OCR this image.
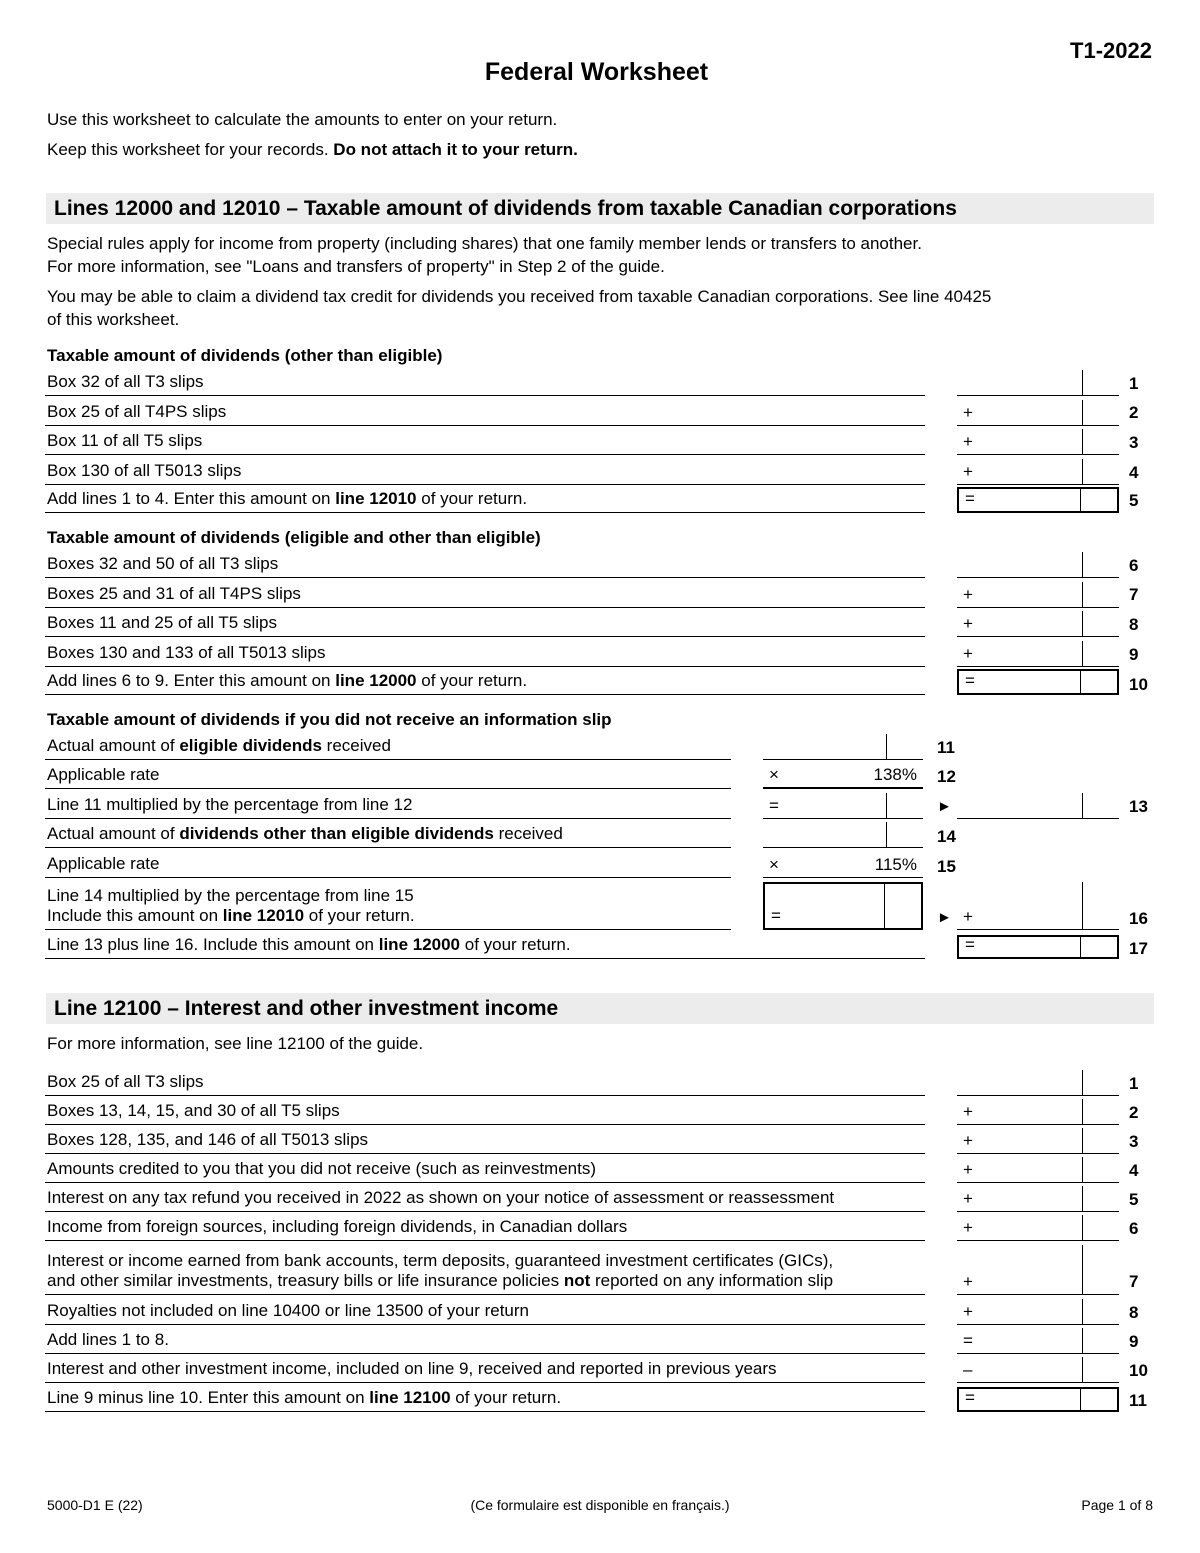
T1-2022
Federal Worksheet
Use this worksheet to calculate the amounts to enter on your return.
Keep this worksheet for your records. Do not attach it to your return.
Lines 12000 and 12010 – Taxable amount of dividends from taxable Canadian corporations
Special rules apply for income from property (including shares) that one family member lends or transfers to another.
For more information, see "Loans and transfers of property" in Step 2 of the guide.
You may be able to claim a dividend tax credit for dividends you received from taxable Canadian corporations. See line 40425
of this worksheet.
Taxable amount of dividends (other than eligible)
Box 32 of all T3 slips	1
Box 25 of all T4PS slips	+	2
Box 11 of all T5 slips	+	3
Box 130 of all T5013 slips	+	4
Add lines 1 to 4. Enter this amount on line 12010 of your return.	=	5
Taxable amount of dividends (eligible and other than eligible)
Boxes 32 and 50 of all T3 slips	6
Boxes 25 and 31 of all T4PS slips	+	7
Boxes 11 and 25 of all T5 slips	+	8
Boxes 130 and 133 of all T5013 slips	+	9
Add lines 6 to 9. Enter this amount on line 12000 of your return.	=	10
Taxable amount of dividends if you did not receive an information slip
Actual amount of eligible dividends received	11
Applicable rate	×	138% 12
Line 11 multiplied by the percentage from line 12	=	►	13
Actual amount of dividends other than eligible dividends received	14
Applicable rate	×	115% 15
Line 14 multiplied by the percentage from line 15
Include this amount on line 12010 of your return.	=	► +	16
Line 13 plus line 16. Include this amount on line 12000 of your return.	=	17
Line 12100 – Interest and other investment income
For more information, see line 12100 of the guide.
Box 25 of all T3 slips	1
Boxes 13, 14, 15, and 30 of all T5 slips	+	2
Boxes 128, 135, and 146 of all T5013 slips	+	3
Amounts credited to you that you did not receive (such as reinvestments)	+	4
Interest on any tax refund you received in 2022 as shown on your notice of assessment or reassessment	+	5
Income from foreign sources, including foreign dividends, in Canadian dollars	+	6
Interest or income earned from bank accounts, term deposits, guaranteed investment certificates (GICs),
and other similar investments, treasury bills or life insurance policies not reported on any information slip	+	7
Royalties not included on line 10400 or line 13500 of your return	+	8
Add lines 1 to 8.	=	9
Interest and other investment income, included on line 9, received and reported in previous years	–	10
Line 9 minus line 10. Enter this amount on line 12100 of your return.	=	11
5000-D1 E (22)	(Ce formulaire est disponible en français.)	Page 1 of 8
